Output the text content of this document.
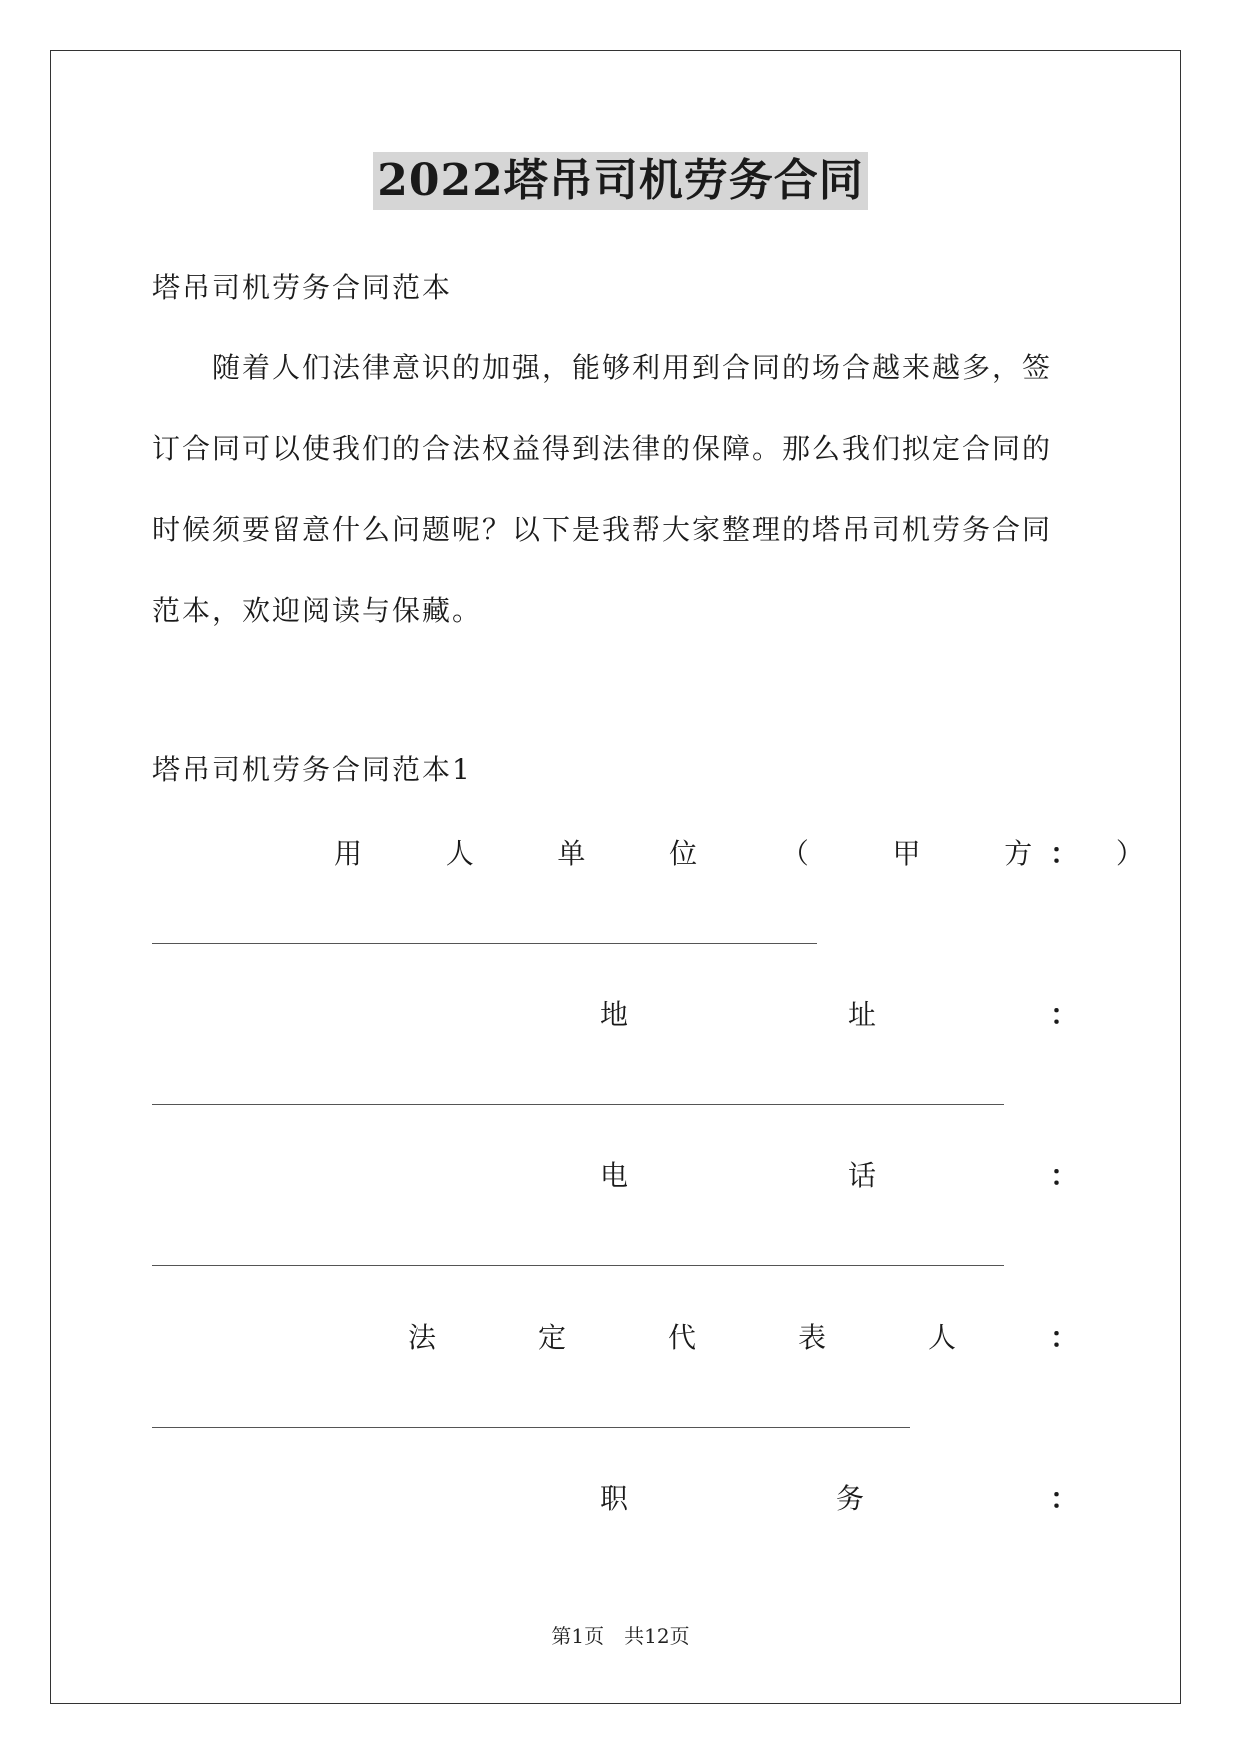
2022塔吊司机劳务合同
塔吊司机劳务合同范本
随着人们法律意识的加强，能够利用到合同的场合越来越多，签
订合同可以使我们的合法权益得到法律的保障。那么我们拟定合同的
时候须要留意什么问题呢？以下是我帮大家整理的塔吊司机劳务合同
范本，欢迎阅读与保藏。
塔吊司机劳务合同范本1
用	人	单	位	（	甲	方	）
：
地	址	：
电	话	：
法	定	代	表	人	：
职	务	：
第1页　共12页
